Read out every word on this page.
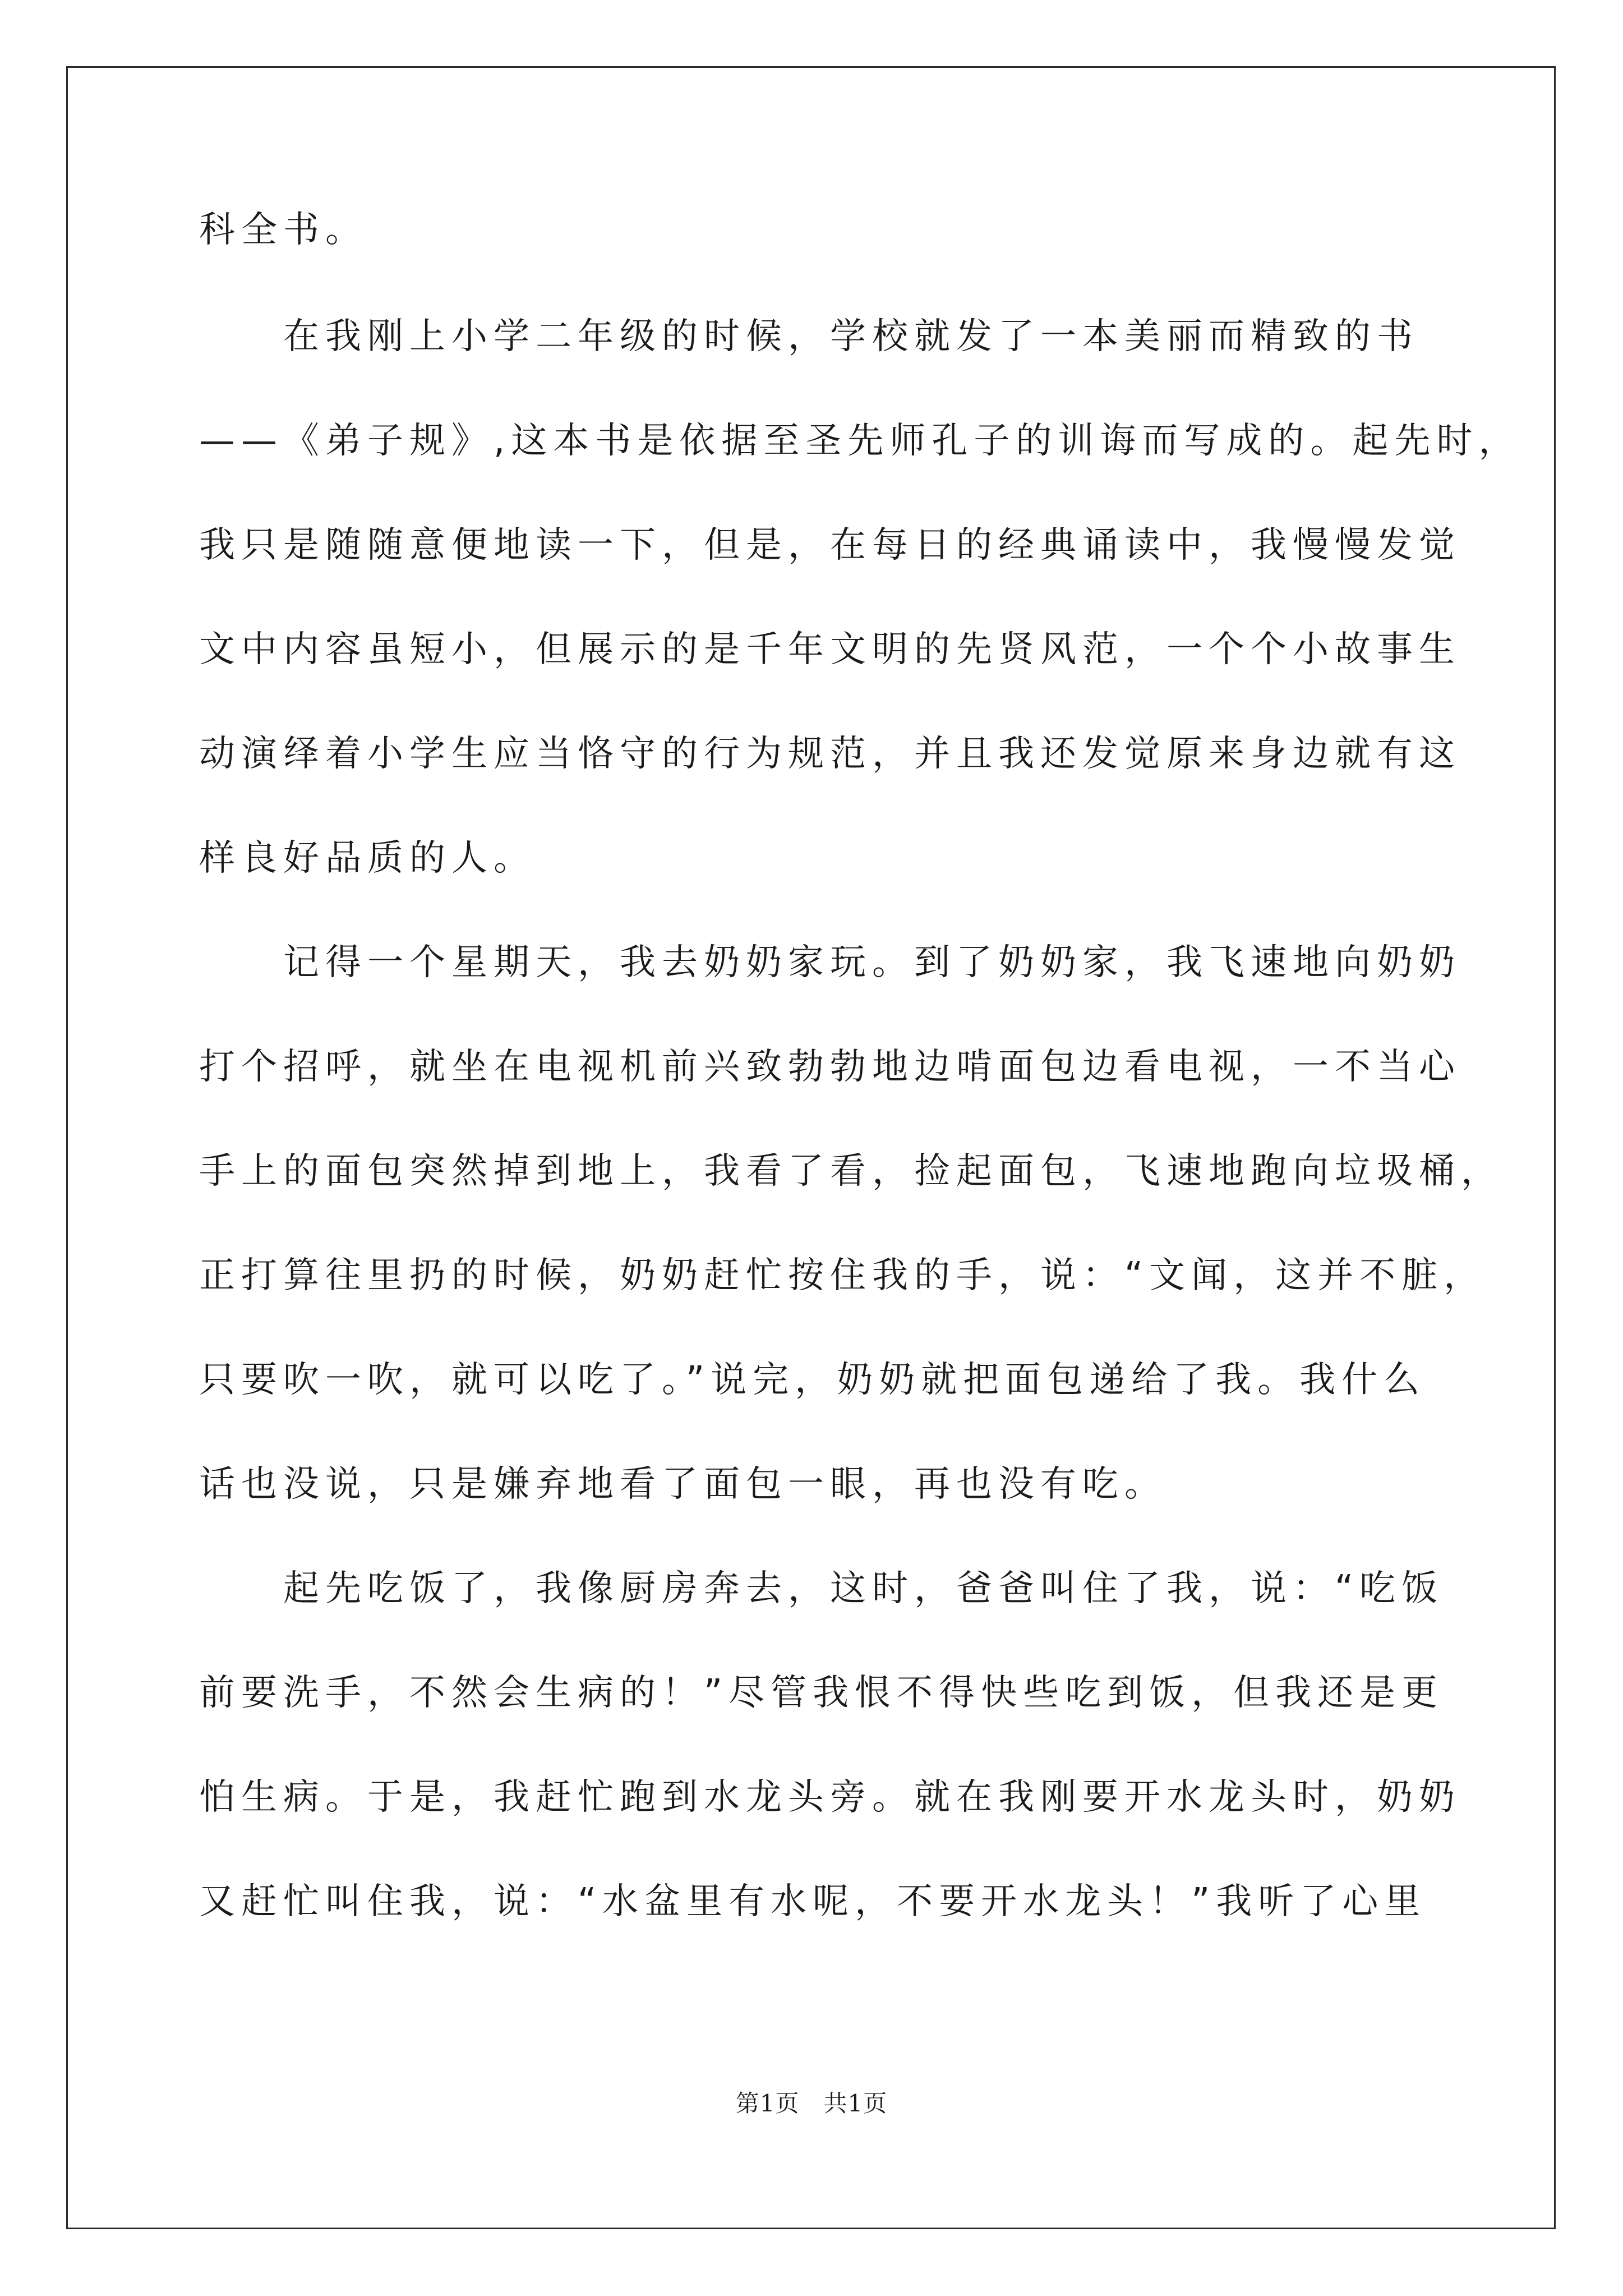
科全书。
在我刚上小学二年级的时候，学校就发了一本美丽而精致的书
——《弟子规》,这本书是依据至圣先师孔子的训诲而写成的。起先时，
我只是随随意便地读一下，但是，在每日的经典诵读中，我慢慢发觉
文中内容虽短小，但展示的是千年文明的先贤风范，一个个小故事生
动演绎着小学生应当恪守的行为规范，并且我还发觉原来身边就有这
样良好品质的人。
记得一个星期天，我去奶奶家玩。到了奶奶家，我飞速地向奶奶
打个招呼，就坐在电视机前兴致勃勃地边啃面包边看电视，一不当心
手上的面包突然掉到地上，我看了看，捡起面包，飞速地跑向垃圾桶，
正打算往里扔的时候，奶奶赶忙按住我的手，说：“文闻，这并不脏，
只要吹一吹，就可以吃了。”说完，奶奶就把面包递给了我。我什么
话也没说，只是嫌弃地看了面包一眼，再也没有吃。
起先吃饭了，我像厨房奔去，这时，爸爸叫住了我，说：“吃饭
前要洗手，不然会生病的！”尽管我恨不得快些吃到饭，但我还是更
怕生病。于是，我赶忙跑到水龙头旁。就在我刚要开水龙头时，奶奶
又赶忙叫住我，说：“水盆里有水呢，不要开水龙头！”我听了心里
第1页　共1页
